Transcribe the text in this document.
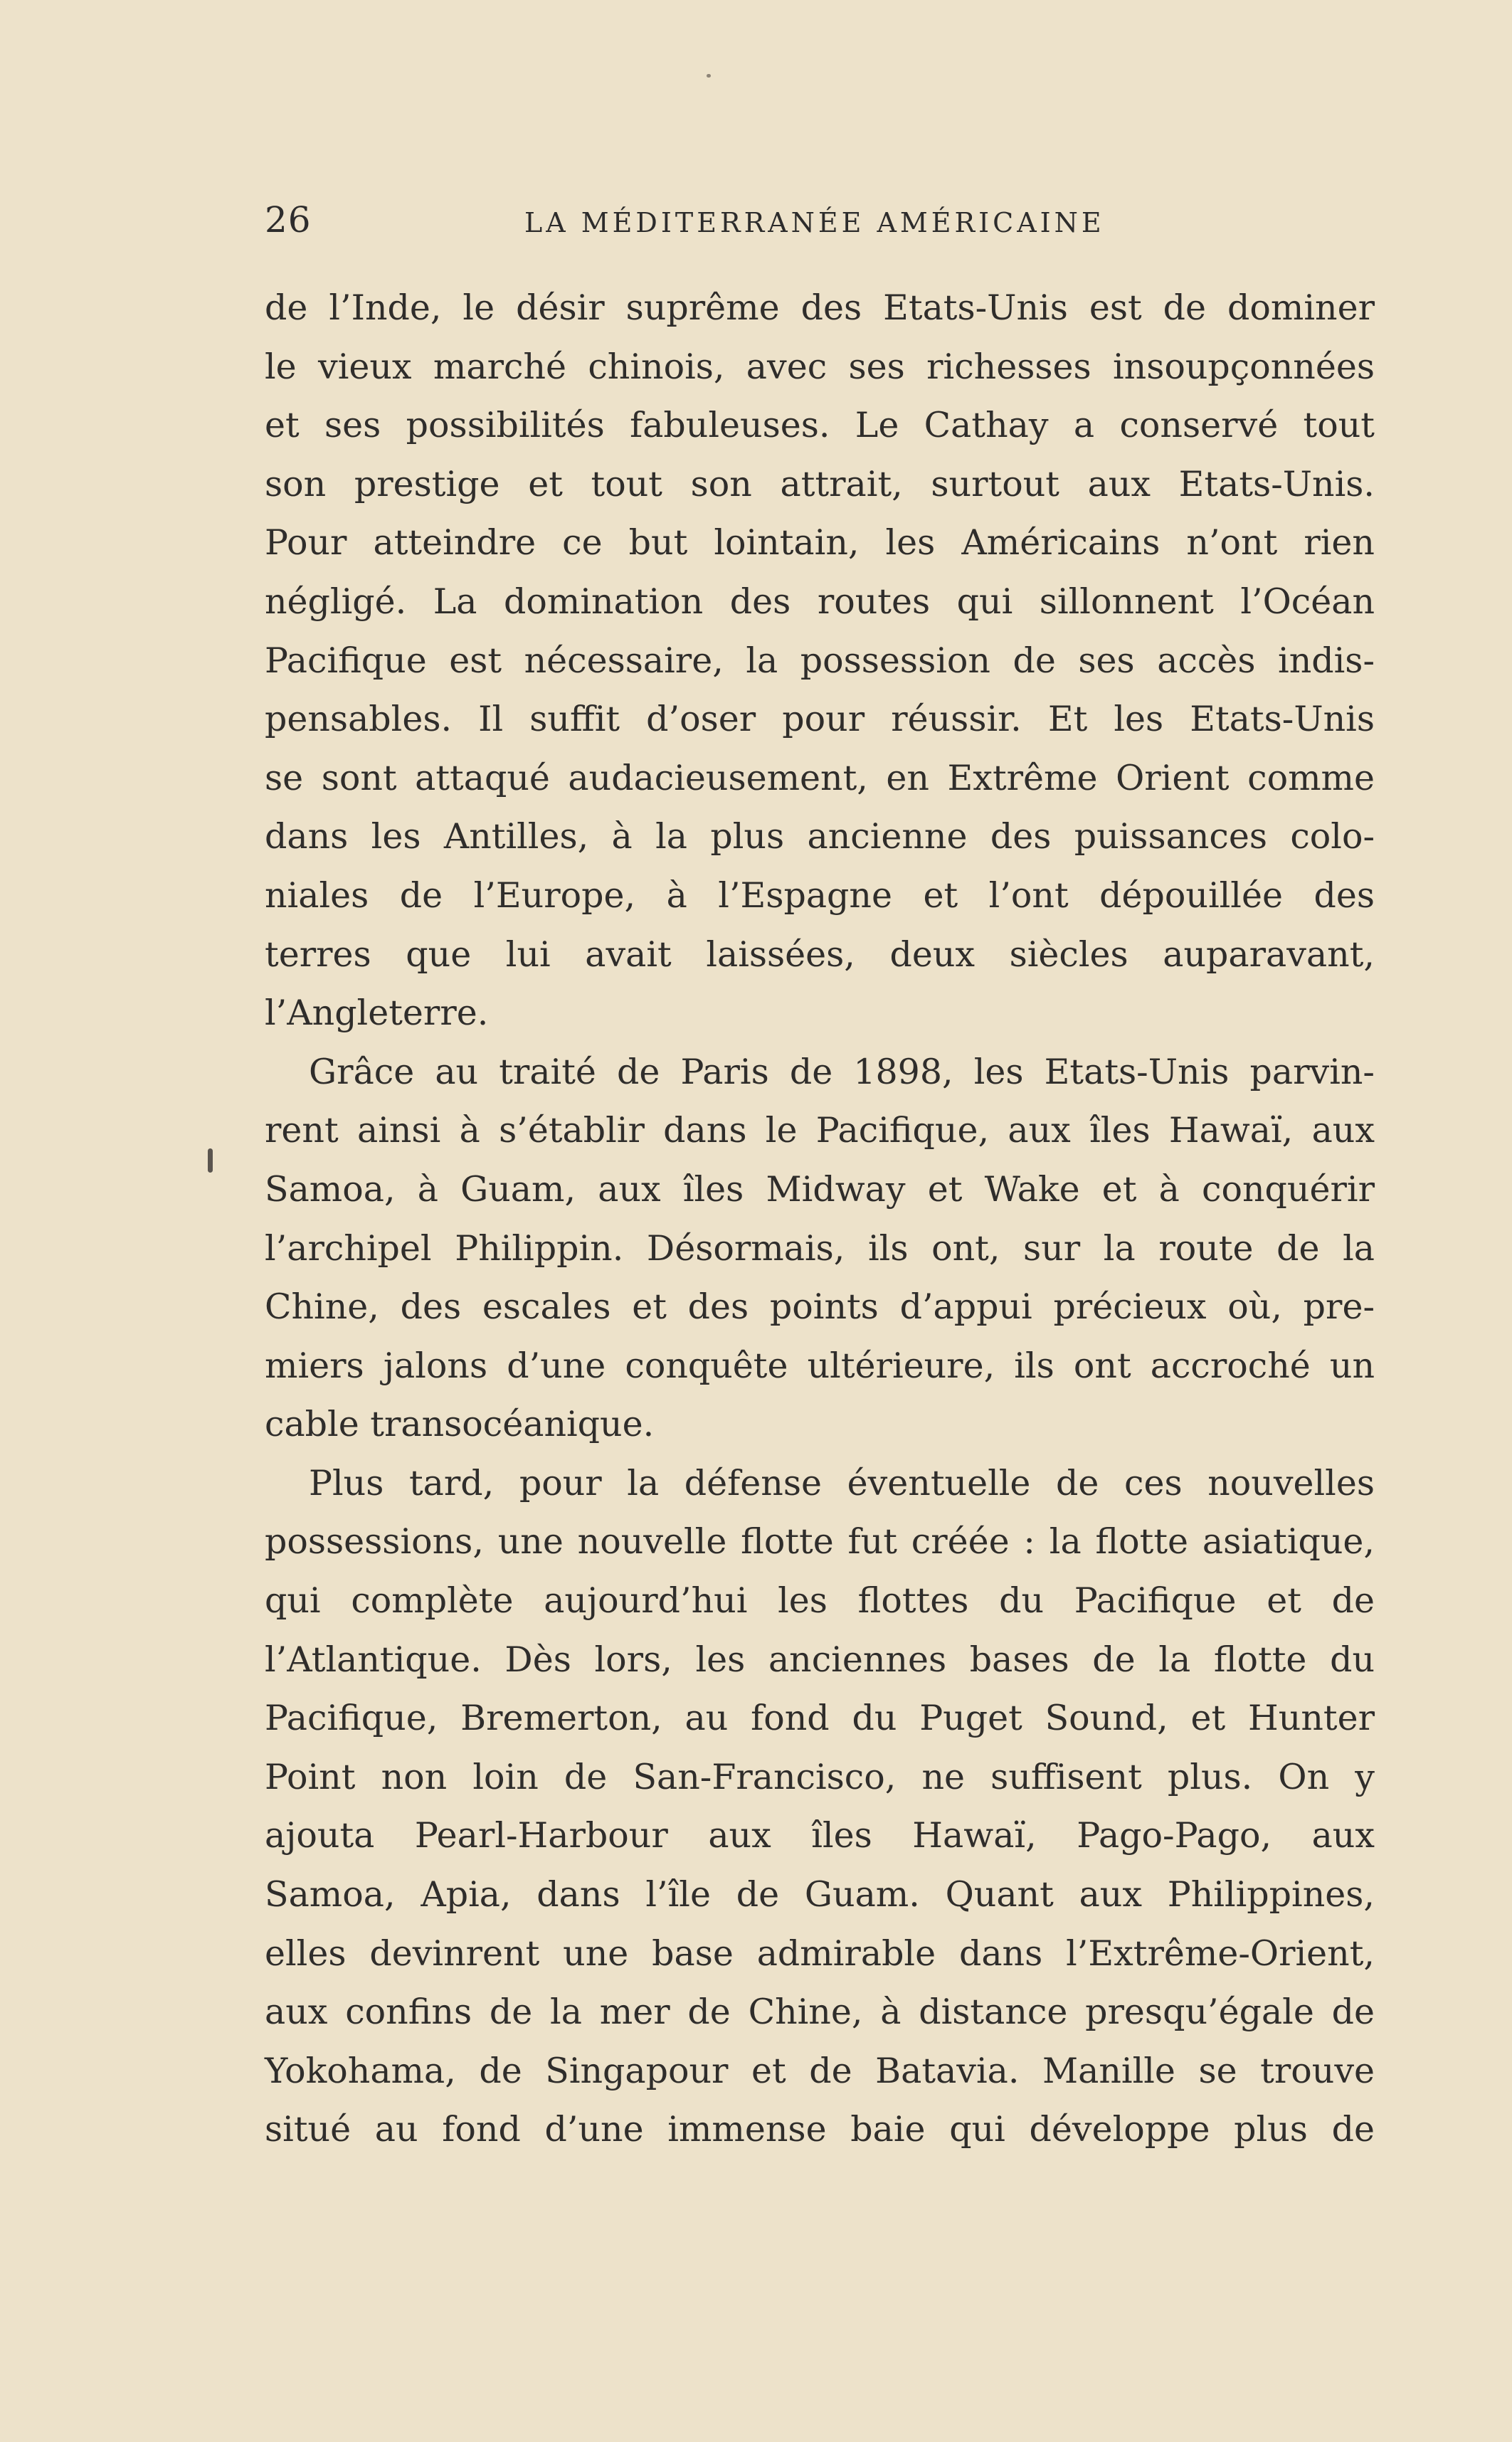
26	LA MÉDITERRANÉE AMÉRICAINE
de l’Inde, le désir suprême des Etats-Unis est de dominer
le vieux marché chinois, avec ses richesses insoupçonnées
et ses possibilités fabuleuses. Le Cathay a conservé tout
son prestige et tout son attrait, surtout aux Etats-Unis.
Pour atteindre ce but lointain, les Américains n’ont rien
négligé. La domination des routes qui sillonnent l’Océan
Pacifique est nécessaire, la possession de ses accès indis-
pensables. Il suffit d’oser pour réussir. Et les Etats-Unis
se sont attaqué audacieusement, en Extrême Orient comme
dans les Antilles, à la plus ancienne des puissances colo-
niales de l’Europe, à l’Espagne et l’ont dépouillée des
terres que lui avait laissées, deux siècles auparavant,
l’Angleterre.
Grâce au traité de Paris de 1898, les Etats-Unis parvin-
rent ainsi à s’établir dans le Pacifique, aux îles Hawaï, aux
Samoa, à Guam, aux îles Midway et Wake et à conquérir
l’archipel Philippin. Désormais, ils ont, sur la route de la
Chine, des escales et des points d’appui précieux où, pre-
miers jalons d’une conquête ultérieure, ils ont accroché un
cable transocéanique.
Plus tard, pour la défense éventuelle de ces nouvelles
possessions, une nouvelle flotte fut créée : la flotte asiatique,
qui complète aujourd’hui les flottes du Pacifique et de
l’Atlantique. Dès lors, les anciennes bases de la flotte du
Pacifique, Bremerton, au fond du Puget Sound, et Hunter
Point non loin de San-Francisco, ne suffisent plus. On y
ajouta Pearl-Harbour aux îles Hawaï, Pago-Pago, aux
Samoa, Apia, dans l’île de Guam. Quant aux Philippines,
elles devinrent une base admirable dans l’Extrême-Orient,
aux confins de la mer de Chine, à distance presqu’égale de
Yokohama, de Singapour et de Batavia. Manille se trouve
situé au fond d’une immense baie qui développe plus de
